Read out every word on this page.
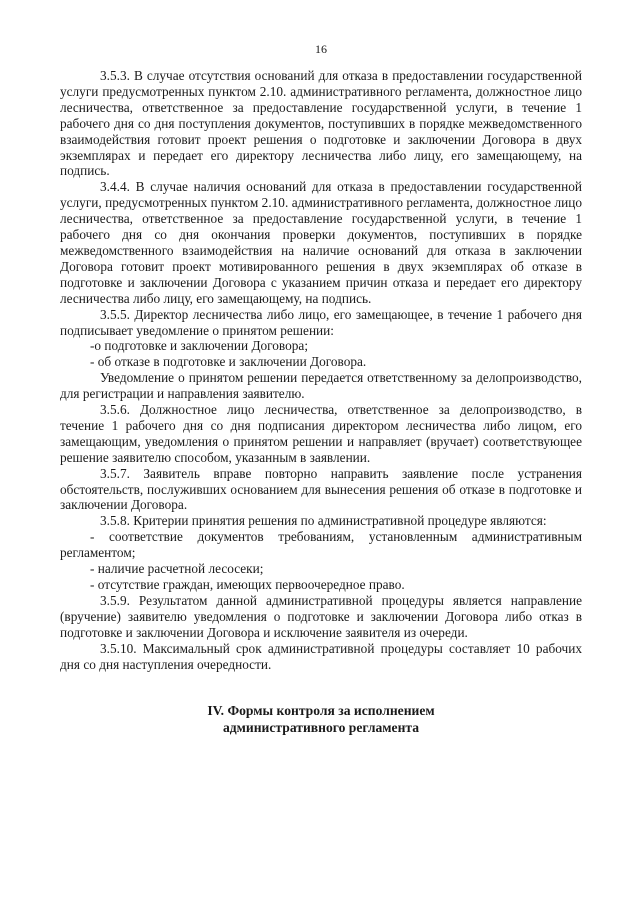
16

3.5.3. В случае отсутствия оснований для отказа в предоставлении государственной услуги предусмотренных пунктом 2.10. административного регламента, должностное лицо лесничества, ответственное за предоставление государственной услуги, в течение 1 рабочего дня со дня поступления документов, поступивших в порядке межведомственного взаимодействия готовит проект решения о подготовке и заключении Договора в двух экземплярах и передает его директору лесничества либо лицу, его замещающему, на подпись.

3.4.4. В случае наличия оснований для отказа в предоставлении государственной услуги, предусмотренных пунктом 2.10. административного регламента, должностное лицо лесничества, ответственное за предоставление государственной услуги, в течение 1 рабочего дня со дня окончания проверки документов, поступивших в порядке межведомственного взаимодействия на наличие оснований для отказа в заключении Договора готовит проект мотивированного решения в двух экземплярах об отказе в подготовке и заключении Договора с указанием причин отказа и передает его директору лесничества либо лицу, его замещающему, на подпись.

3.5.5. Директор лесничества либо лицо, его замещающее, в течение 1 рабочего дня подписывает уведомление о принятом решении:

-о подготовке и заключении Договора;

- об отказе в подготовке и заключении Договора.

Уведомление о принятом решении передается ответственному за делопроизводство, для регистрации и направления заявителю.

3.5.6. Должностное лицо лесничества, ответственное за делопроизводство, в течение 1 рабочего дня со дня подписания директором лесничества либо лицом, его замещающим, уведомления о принятом решении и направляет (вручает) соответствующее решение заявителю способом, указанным в заявлении.

3.5.7. Заявитель вправе повторно направить заявление после устранения обстоятельств, послуживших основанием для вынесения решения об отказе в подготовке и заключении Договора.

3.5.8. Критерии принятия решения по административной процедуре являются:

- соответствие документов требованиям, установленным административным регламентом;

- наличие расчетной лесосеки;

- отсутствие граждан, имеющих первоочередное право.

3.5.9. Результатом данной административной процедуры является направление (вручение) заявителю уведомления о подготовке и заключении Договора либо отказ в подготовке и заключении Договора и исключение заявителя из очереди.

3.5.10. Максимальный срок административной процедуры составляет 10 рабочих дня со дня наступления очередности.

IV. Формы контроля за исполнением
административного регламента
